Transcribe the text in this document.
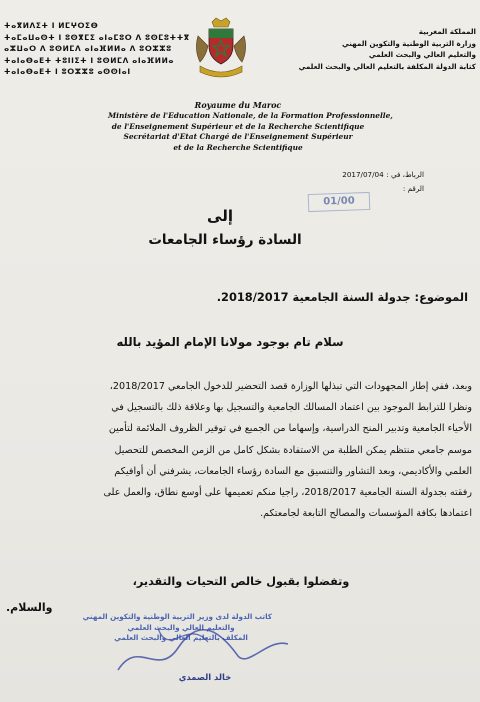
ⵜⴰⴳⵍⴷⵉⵜ ⵏ ⵍⵎⵖⵔⵉⴱ
ⵜⴰⵎⴰⵡⴰⵙⵜ ⵏ ⵓⵙⴳⵎⵉ ⴰⵏⴰⵎⵓⵔ ⴷ ⵓⵙⵎⵓⵜⵜⴳ
ⴰⵣⵡⴰⵔ ⴷ ⵓⵙⵍⵎⴷ ⴰⵏⴰⴼⵍⵍⴰ ⴷ ⵓⵔⵣⵣⵓ
ⵜⴰⵏⴰⴱⴰⴹⵜ ⵜⵓⵏⵏⵉⵜ ⵏ ⵓⵙⵍⵎⴷ ⴰⵏⴰⴼⵍⵍⴰ
ⵜⴰⵏⴰⴱⴰⴹⵜ ⵏ ⵓⵔⵣⵣⵓ ⴰⵙⵙⵏⴰⵏ
المملكة المغربية
وزارة التربية الوطنية والتكوين المهني
والتعليم العالي والبحث العلمي
كتابة الدولة المكلفة بالتعليم العالي والبحث العلمي
Royaume du Maroc
Ministère de l'Education Nationale, de la Formation Professionnelle,
de l'Enseignement Supérieur et de la Recherche Scientifique
Secrétariat d'Etat Chargé de l'Enseignement Supérieur
et de la Recherche Scientifique
الرباط، في : 2017/07/04
الرقم :
01/00
إلى
السادة رؤساء الجامعات
الموضوع: جدولة السنة الجامعية 2018/2017.
سلام تام بوجود مولانا الإمام المؤيد بالله
وبعد، ففي إطار المجهودات التي تبذلها الوزارة قصد التحضير للدخول الجامعي 2018/2017،
ونظرا للترابط الموجود بين اعتماد المسالك الجامعية والتسجيل بها وعلاقة ذلك بالتسجيل في
الأحياء الجامعية وتدبير المنح الدراسية، وإسهاما من الجميع في توفير الظروف الملائمة لتأمين
موسم جامعي منتظم يمكن الطلبة من الاستفادة بشكل كامل من الزمن المخصص للتحصيل
العلمي والأكاديمي، وبعد التشاور والتنسيق مع السادة رؤساء الجامعات، يشرفني أن أوافيكم
رفقته بجدولة السنة الجامعية 2018/2017، راجيا منكم تعميمها على أوسع نطاق، والعمل على
اعتمادها بكافة المؤسسات والمصالح التابعة لجامعتكم.
وتفضلوا بقبول خالص التحيات والتقدير،
والسلام.
كاتب الدولة لدى وزير التربية الوطنية والتكوين المهني
والتعليم العالي والبحث العلمي
المكلف بالتعليم العالي والبحث العلمي
خالد الصمدي
